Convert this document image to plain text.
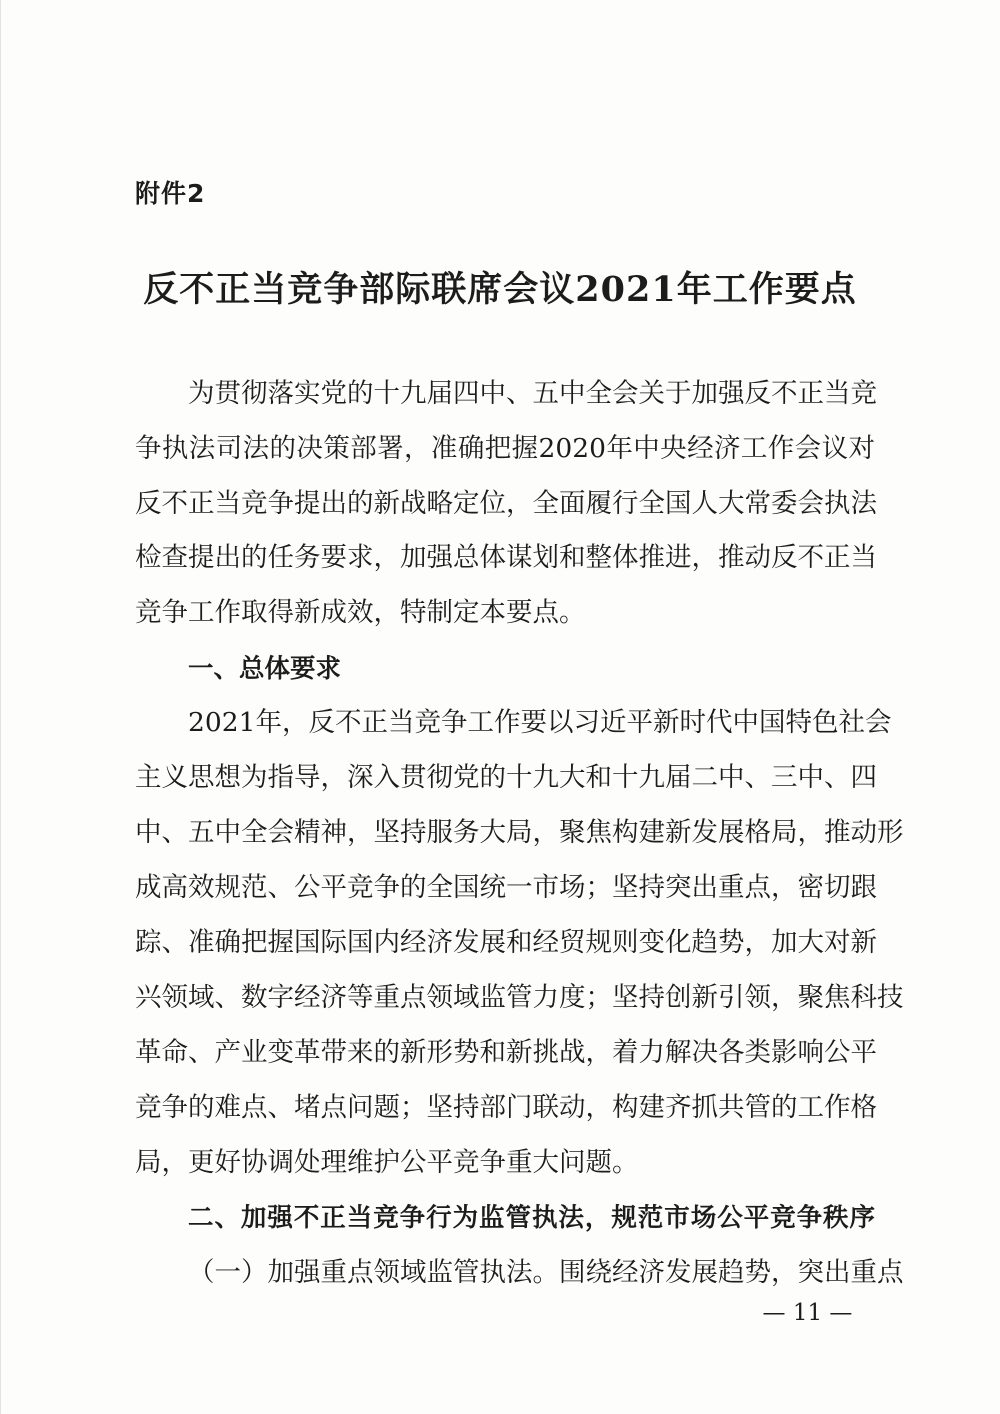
附件2
反不正当竞争部际联席会议2021年工作要点
为贯彻落实党的十九届四中、五中全会关于加强反不正当竞
争执法司法的决策部署，准确把握2020年中央经济工作会议对
反不正当竞争提出的新战略定位，全面履行全国人大常委会执法
检查提出的任务要求，加强总体谋划和整体推进，推动反不正当
竞争工作取得新成效，特制定本要点。
一、总体要求
2021年，反不正当竞争工作要以习近平新时代中国特色社会
主义思想为指导，深入贯彻党的十九大和十九届二中、三中、四
中、五中全会精神，坚持服务大局，聚焦构建新发展格局，推动形
成高效规范、公平竞争的全国统一市场；坚持突出重点，密切跟
踪、准确把握国际国内经济发展和经贸规则变化趋势，加大对新
兴领域、数字经济等重点领域监管力度；坚持创新引领，聚焦科技
革命、产业变革带来的新形势和新挑战，着力解决各类影响公平
竞争的难点、堵点问题；坚持部门联动，构建齐抓共管的工作格
局，更好协调处理维护公平竞争重大问题。
二、加强不正当竞争行为监管执法，规范市场公平竞争秩序
（一）加强重点领域监管执法。围绕经济发展趋势，突出重点
— 11 —
